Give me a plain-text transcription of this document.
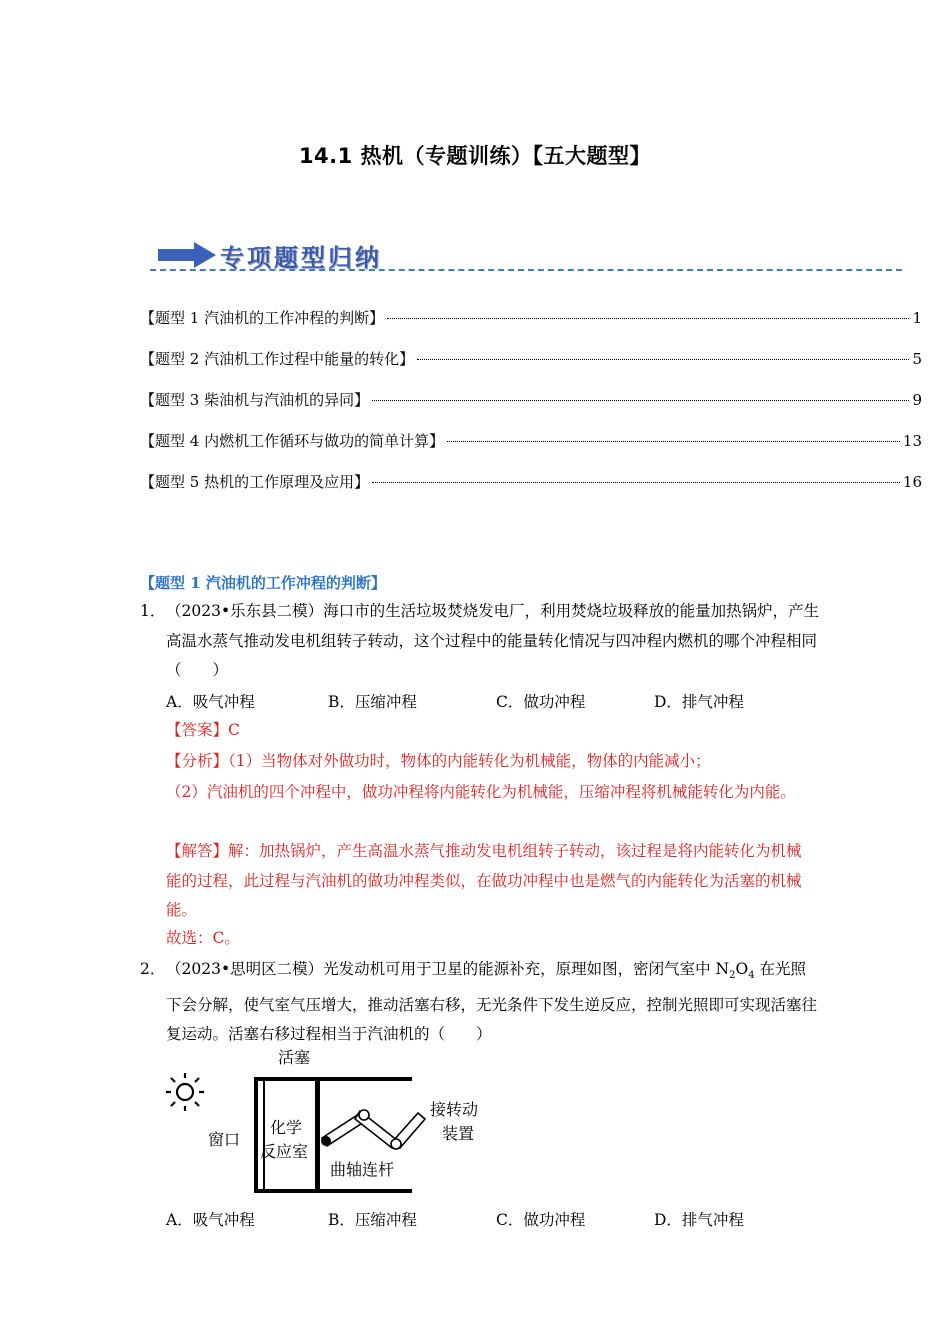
14.1 热机（专题训练）【五大题型】
专项题型归纳
【题型 1 汽油机的工作冲程的判断】	1
【题型 2 汽油机工作过程中能量的转化】	5
【题型 3 柴油机与汽油机的异同】	9
【题型 4 内燃机工作循环与做功的简单计算】	13
【题型 5 热机的工作原理及应用】	16
【题型 1 汽油机的工作冲程的判断】
1． （2023•乐东县二模）海口市的生活垃圾焚烧发电厂，利用焚烧垃圾释放的能量加热锅炉，产生高温水蒸气推动发电机组转子转动，这个过程中的能量转化情况与四冲程内燃机的哪个冲程相同（　　）
A．吸气冲程	B．压缩冲程	C．做功冲程	D．排气冲程
【答案】C
【分析】（1）当物体对外做功时，物体的内能转化为机械能，物体的内能减小；
（2）汽油机的四个冲程中，做功冲程将内能转化为机械能，压缩冲程将机械能转化为内能。
【解答】解：加热锅炉，产生高温水蒸气推动发电机组转子转动，该过程是将内能转化为机械能的过程，此过程与汽油机的做功冲程类似，在做功冲程中也是燃气的内能转化为活塞的机械能。
故选：C。
2． （2023•思明区二模）光发动机可用于卫星的能源补充，原理如图，密闭气室中 $N_2O_4$ 在光照下会分解，使气室气压增大，推动活塞右移，无光条件下发生逆反应，控制光照即可实现活塞往复运动。活塞右移过程相当于汽油机的（　　）
活塞
窗口
化学
反应室
曲轴连杆
接转动
装置
A．吸气冲程	B．压缩冲程	C．做功冲程	D．排气冲程
